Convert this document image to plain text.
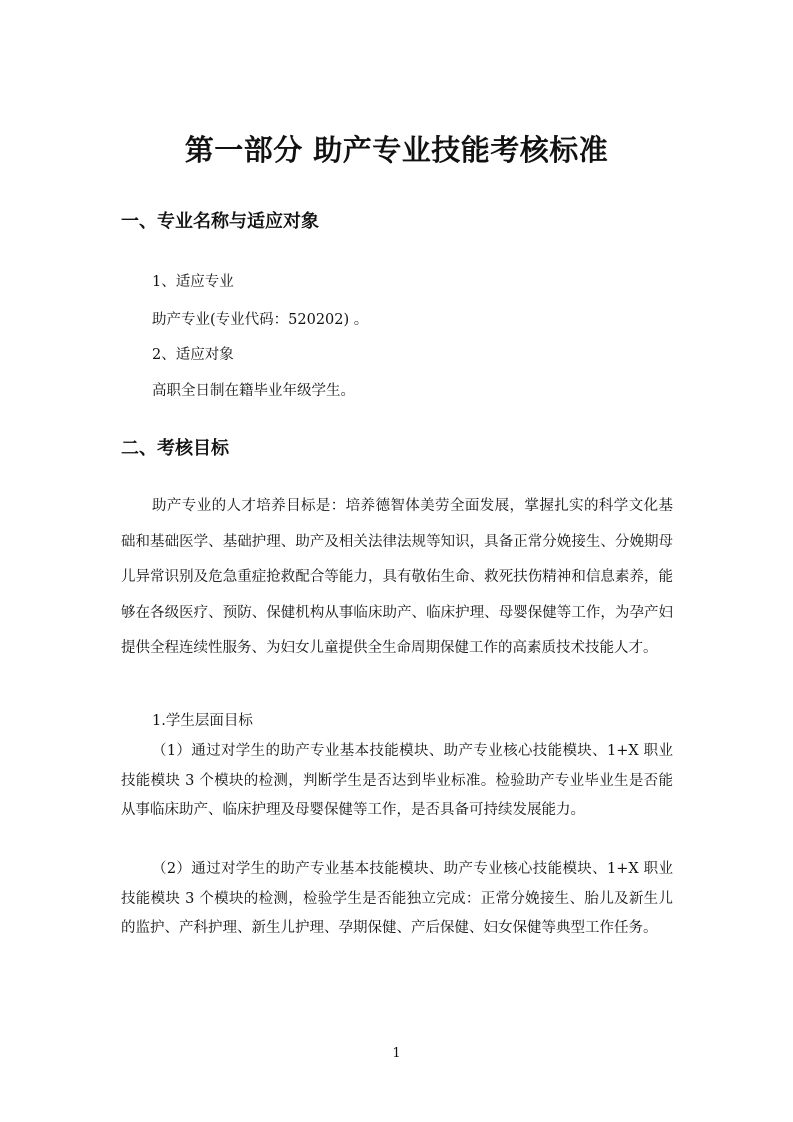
第一部分 助产专业技能考核标准
一、专业名称与适应对象
1、适应专业
助产专业(专业代码：520202) 。
2、适应对象
高职全日制在籍毕业年级学生。
二、考核目标

助产专业的人才培养目标是：培养德智体美劳全面发展，掌握扎实的科学文化基础和基础医学、基础护理、助产及相关法律法规等知识，具备正常分娩接生、分娩期母儿异常识别及危急重症抢救配合等能力，具有敬佑生命、救死扶伤精神和信息素养，能够在各级医疗、预防、保健机构从事临床助产、临床护理、母婴保健等工作，为孕产妇提供全程连续性服务、为妇女儿童提供全生命周期保健工作的高素质技术技能人才。

1.学生层面目标

（1）通过对学生的助产专业基本技能模块、助产专业核心技能模块、1+X 职业技能模块 3 个模块的检测，判断学生是否达到毕业标准。检验助产专业毕业生是否能从事临床助产、临床护理及母婴保健等工作，是否具备可持续发展能力。

（2）通过对学生的助产专业基本技能模块、助产专业核心技能模块、1+X 职业技能模块 3 个模块的检测，检验学生是否能独立完成：正常分娩接生、胎儿及新生儿的监护、产科护理、新生儿护理、孕期保健、产后保健、妇女保健等典型工作任务。

1
